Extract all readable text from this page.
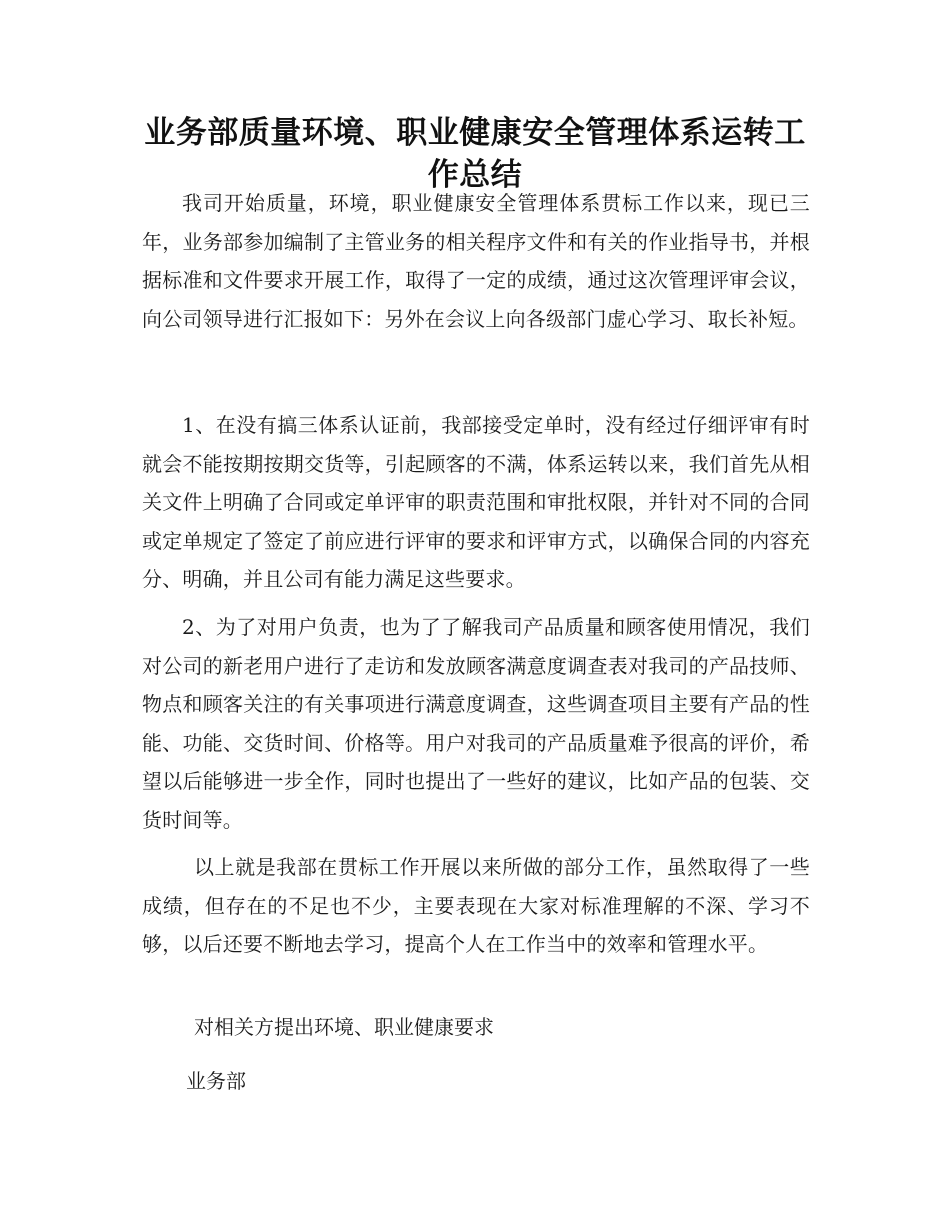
业务部质量环境、职业健康安全管理体系运转工作总结

我司开始质量，环境，职业健康安全管理体系贯标工作以来，现已三年，业务部参加编制了主管业务的相关程序文件和有关的作业指导书，并根据标准和文件要求开展工作，取得了一定的成绩，通过这次管理评审会议，向公司领导进行汇报如下：另外在会议上向各级部门虚心学习、取长补短。

1、在没有搞三体系认证前，我部接受定单时，没有经过仔细评审有时就会不能按期按期交货等，引起顾客的不满，体系运转以来，我们首先从相关文件上明确了合同或定单评审的职责范围和审批权限，并针对不同的合同或定单规定了签定了前应进行评审的要求和评审方式，以确保合同的内容充分、明确，并且公司有能力满足这些要求。

2、为了对用户负责，也为了了解我司产品质量和顾客使用情况，我们对公司的新老用户进行了走访和发放顾客满意度调查表对我司的产品技师、物点和顾客关注的有关事项进行满意度调查，这些调查项目主要有产品的性能、功能、交货时间、价格等。用户对我司的产品质量难予很高的评价，希望以后能够进一步全作，同时也提出了一些好的建议，比如产品的包装、交货时间等。

以上就是我部在贯标工作开展以来所做的部分工作，虽然取得了一些成绩，但存在的不足也不少，主要表现在大家对标准理解的不深、学习不够，以后还要不断地去学习，提高个人在工作当中的效率和管理水平。

对相关方提出环境、职业健康要求

业务部
